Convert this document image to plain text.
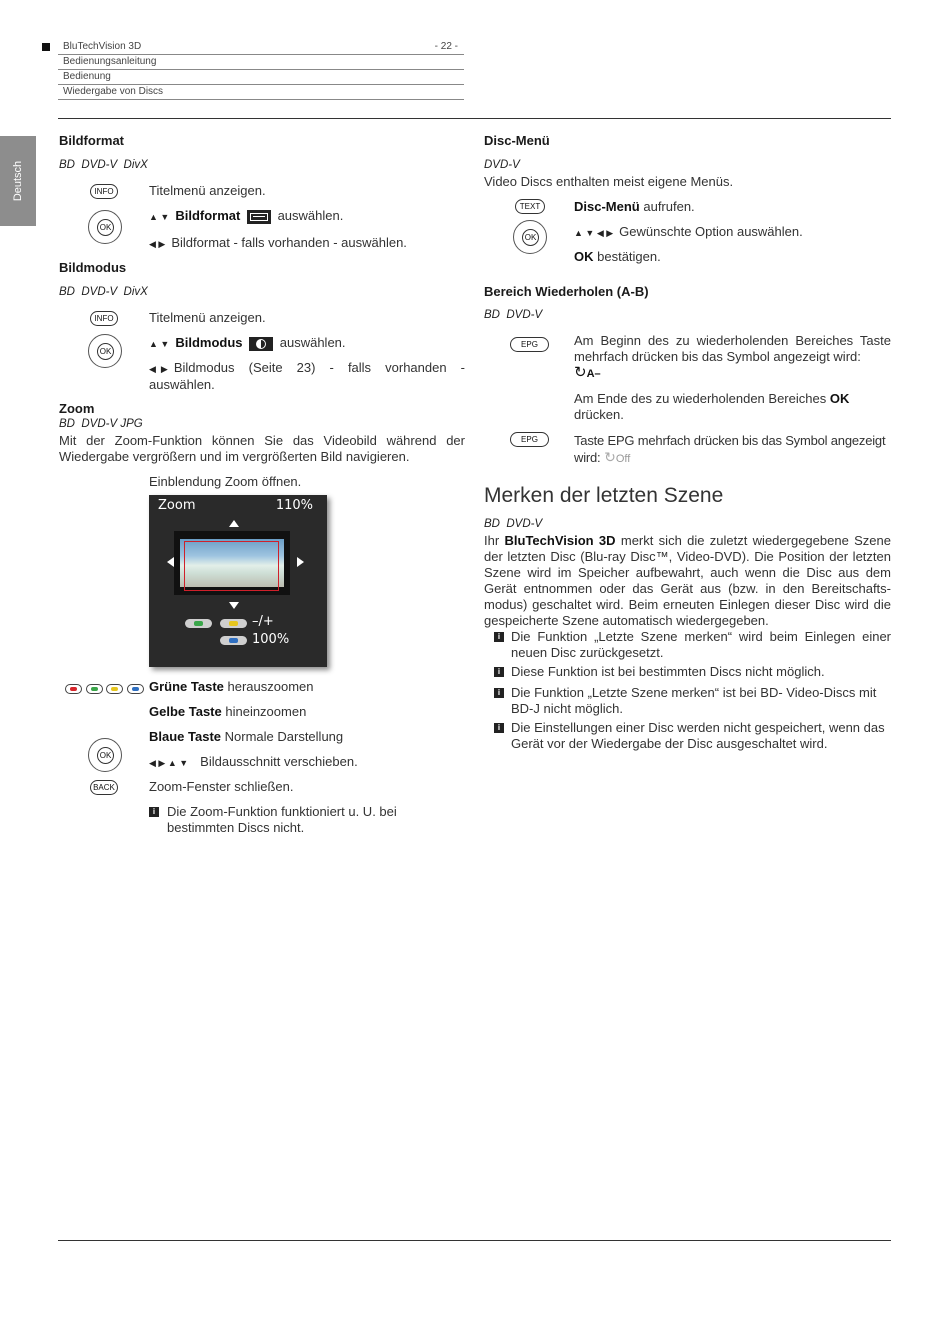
BluTechVision 3D	- 22 -
Bedienungsanleitung
Bedienung
Wiedergabe von Discs
Deutsch
Bildformat
BD  DVD-V  DivX
INFO	Titelmenü anzeigen.
OK
▲ ▼ Bildformat	auswählen.
◀ ▶ Bildformat - falls vorhanden - auswählen.
Bildmodus
BD  DVD-V  DivX
INFO	Titelmenü anzeigen.
OK
▲ ▼ Bildmodus	auswählen.
◀  ▶ Bildmodus (Seite 23) - falls vorhanden - auswählen.
Zoom
BD  DVD-V JPG
Mit der Zoom-Funktion können Sie das Videobild während der Wiedergabe vergrößern und im vergrößerten Bild navigieren.
Einblendung Zoom öffnen.
Zoom	110%
–/+
100%
Grüne Taste herauszoomen
Gelbe Taste hineinzoomen
Blaue Taste Normale Darstellung
OK
◀ ▶ ▲ ▼ Bildausschnitt verschieben.
BACK	Zoom-Fenster schließen.
i Die Zoom-Funktion funktioniert u. U. bei bestimmten Discs nicht.
Disc-Menü
DVD-V
Video Discs enthalten meist eigene Menüs.
TEXT	Disc-Menü aufrufen.
OK	▲ ▼ ◀ ▶ Gewünschte Option auswählen.
OK bestätigen.
Bereich Wiederholen (A-B)
BD  DVD-V
EPG	Am Beginn des zu wiederholenden Bereiches Taste mehrfach drücken bis das Symbol angezeigt wird:
↻A–
Am Ende des zu wiederholenden Bereiches OK
drücken.
EPG	Taste EPG mehrfach drücken bis das Symbol angezeigt wird: ↻Off
Merken der letzten Szene
BD  DVD-V
Ihr BluTechVision 3D merkt sich die zuletzt wiedergegebene Szene der letzten Disc (Blu-ray Disc™, Video-DVD). Die Position der letzten Szene wird im Speicher aufbewahrt, auch wenn die Disc aus dem Gerät entnommen oder das Gerät aus (bzw. in den Bereitschafts-modus) geschaltet wird. Beim erneuten Einlegen dieser Disc wird die gespeicherte Szene automatisch wiedergegeben.
i Die Funktion „Letzte Szene merken“ wird beim Einlegen einer neuen Disc zurückgesetzt.
i Diese Funktion ist bei bestimmten Discs nicht möglich.
i Die Funktion „Letzte Szene merken“ ist bei BD- Video-Discs mit BD-J nicht möglich.
i Die Einstellungen einer Disc werden nicht gespeichert, wenn das Gerät vor der Wiedergabe der Disc ausgeschaltet wird.
